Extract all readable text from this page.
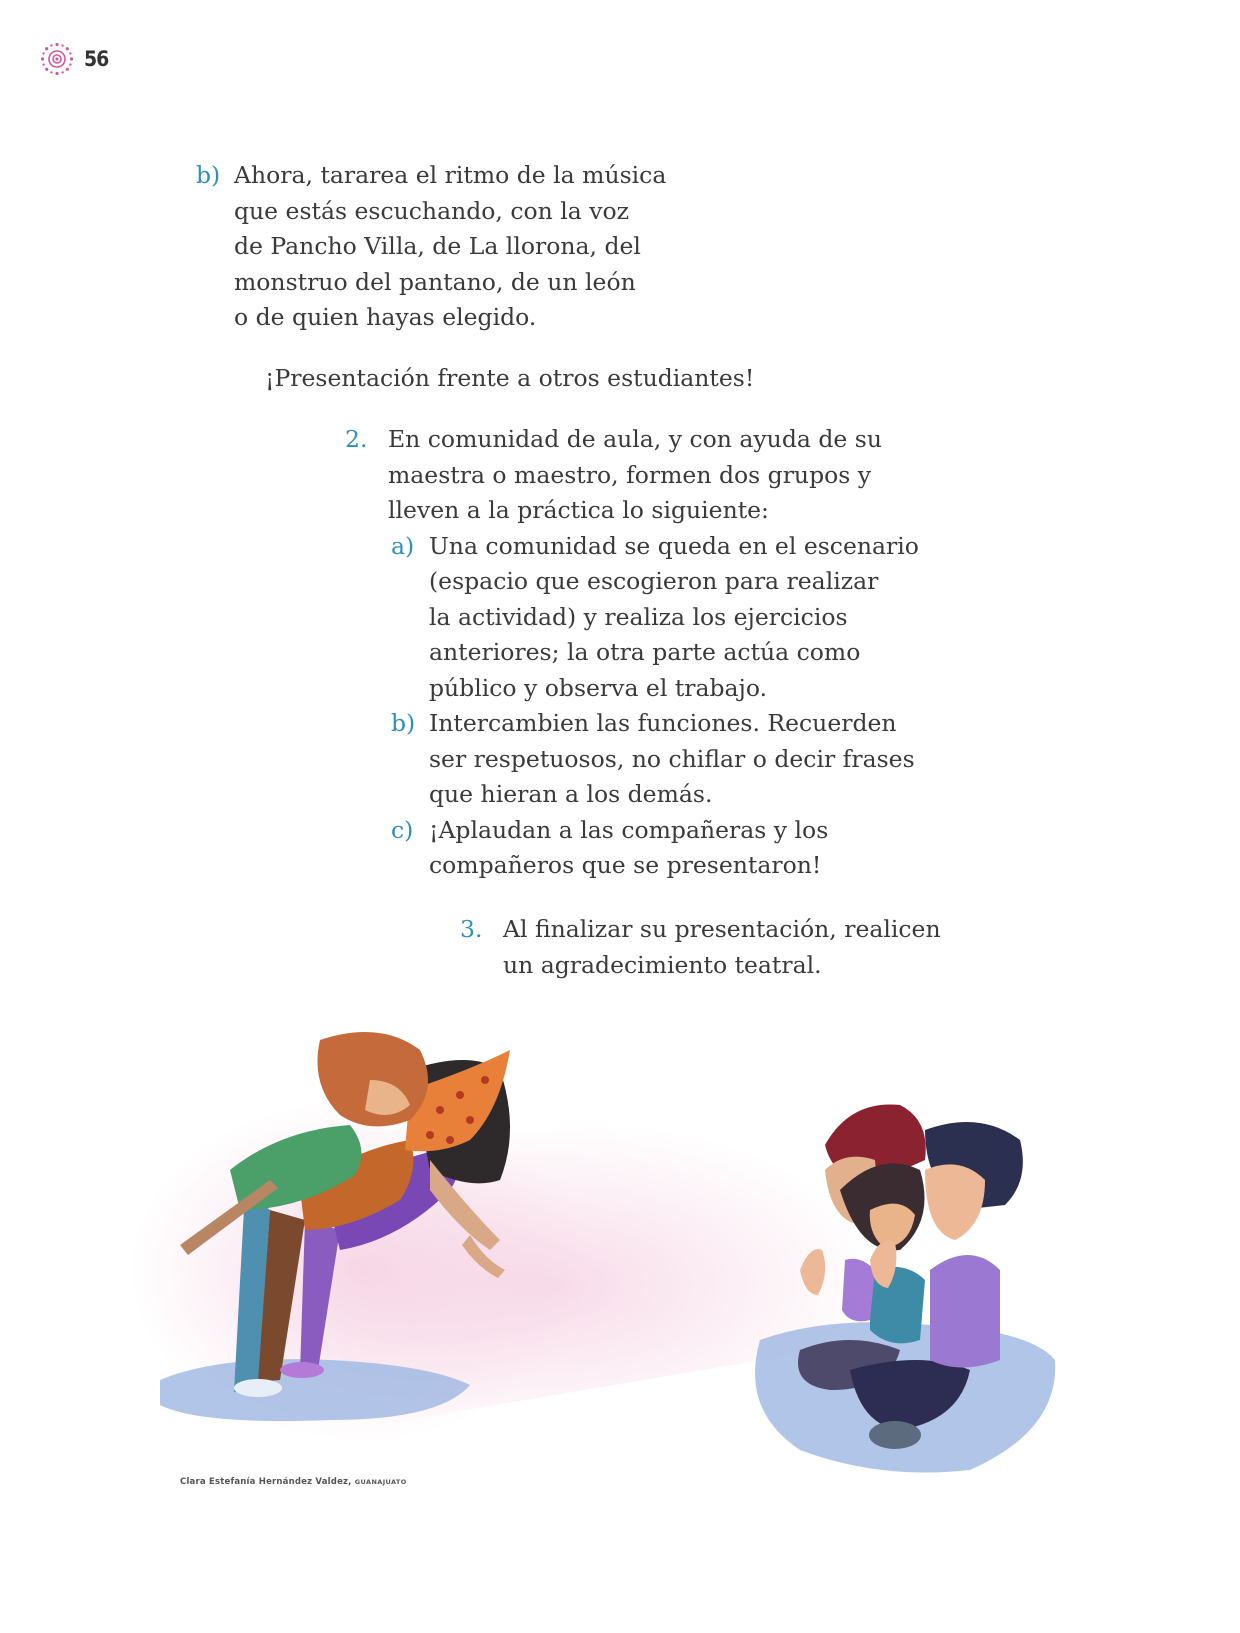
56
b) Ahora, tararea el ritmo de la música
que estás escuchando, con la voz
de Pancho Villa, de La llorona, del
monstruo del pantano, de un león
o de quien hayas elegido.
¡Presentación frente a otros estudiantes!
2. En comunidad de aula, y con ayuda de su
maestra o maestro, formen dos grupos y
lleven a la práctica lo siguiente:
a) Una comunidad se queda en el escenario
(espacio que escogieron para realizar
la actividad) y realiza los ejercicios
anteriores; la otra parte actúa como
público y observa el trabajo.
b) Intercambien las funciones. Recuerden
ser respetuosos, no chiflar o decir frases
que hieran a los demás.
c) ¡Aplaudan a las compañeras y los
compañeros que se presentaron!
3. Al finalizar su presentación, realicen
un agradecimiento teatral.
Clara Estefanía Hernández Valdez, GUANAJUATO
